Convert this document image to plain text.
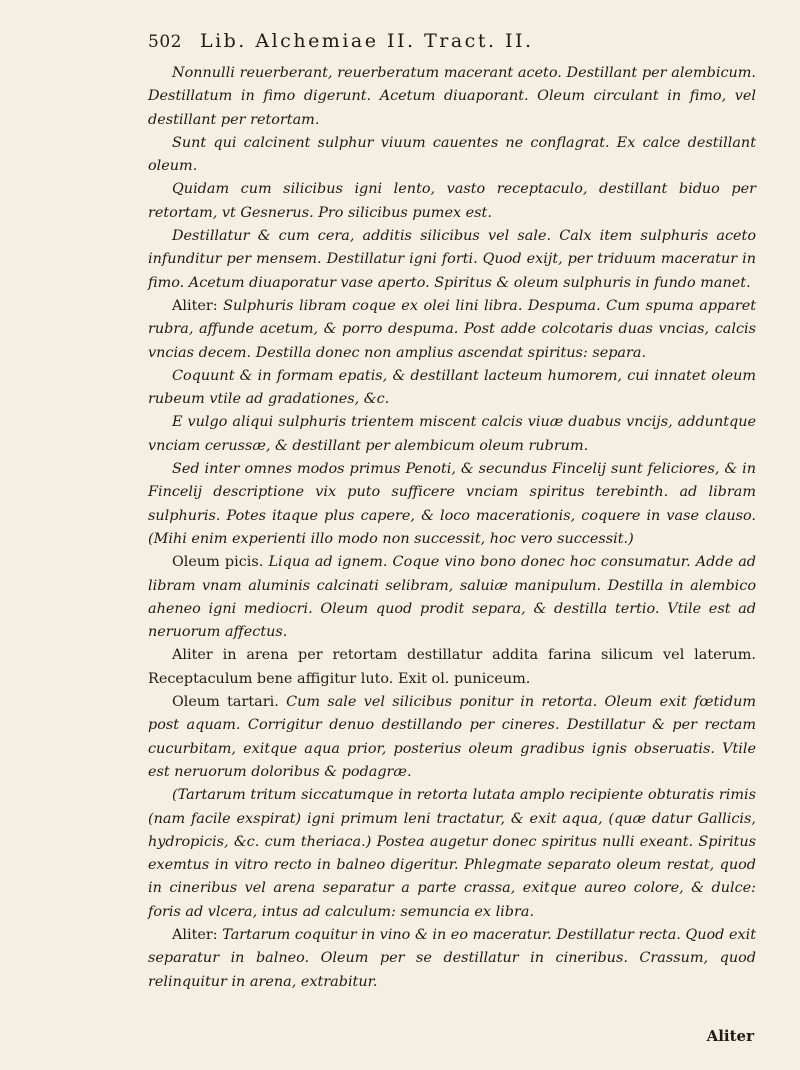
502 Lib. Alchemiae II. Tract. II.

Nonnulli reuerberant, reuerberatum macerant aceto. Destillant per alembicum. Destillatum in fimo digerunt. Acetum diuaporant. Oleum circulant in fimo, vel destillant per retortam.

Sunt qui calcinent sulphur viuum cauentes ne conflagrat. Ex calce destillant oleum.

Quidam cum silicibus igni lento, vasto receptaculo, destillant biduo per retortam, vt Gesnerus. Pro silicibus pumex est.

Destillatur & cum cera, additis silicibus vel sale. Calx item sulphuris aceto infunditur per mensem. Destillatur igni forti. Quod exijt, per triduum maceratur in fimo. Acetum diuaporatur vase aperto. Spiritus & oleum sulphuris in fundo manet.

Aliter: Sulphuris libram coque ex olei lini libra. Despuma. Cum spuma apparet rubra, affunde acetum, & porro despuma. Post adde colcotaris duas vncias, calcis vncias decem. Destilla donec non amplius ascendat spiritus: separa.

Coquunt & in formam epatis, & destillant lacteum humorem, cui innatet oleum rubeum vtile ad gradationes, &c.

E vulgo aliqui sulphuris trientem miscent calcis viuæ duabus vncijs, adduntque vnciam cerussæ, & destillant per alembicum oleum rubrum.

Sed inter omnes modos primus Penoti, & secundus Fincelij sunt feliciores, & in Fincelij descriptione vix puto sufficere vnciam spiritus terebinth. ad libram sulphuris. Potes itaque plus capere, & loco macerationis, coquere in vase clauso. (Mihi enim experienti illo modo non successit, hoc vero successit.)

Oleum picis. Liqua ad ignem. Coque vino bono donec hoc consumatur. Adde ad libram vnam aluminis calcinati selibram, saluiæ manipulum. Destilla in alembico aheneo igni mediocri. Oleum quod prodit separa, & destilla tertio. Vtile est ad neruorum affectus.

Aliter in arena per retortam destillatur addita farina silicum vel laterum. Receptaculum bene affigitur luto. Exit ol. puniceum.

Oleum tartari. Cum sale vel silicibus ponitur in retorta. Oleum exit fœtidum post aquam. Corrigitur denuo destillando per cineres. Destillatur & per rectam cucurbitam, exitque aqua prior, posterius oleum gradibus ignis obseruatis. Vtile est neruorum doloribus & podagræ.

(Tartarum tritum siccatumque in retorta lutata amplo recipiente obturatis rimis (nam facile exspirat) igni primum leni tractatur, & exit aqua, (quæ datur Gallicis, hydropicis, &c. cum theriaca.) Postea augetur donec spiritus nulli exeant. Spiritus exemtus in vitro recto in balneo digeritur. Phlegmate separato oleum restat, quod in cineribus vel arena separatur a parte crassa, exitque aureo colore, & dulce: foris ad vlcera, intus ad calculum: semuncia ex libra.

Aliter: Tartarum coquitur in vino & in eo maceratur. Destillatur recta. Quod exit separatur in balneo. Oleum per se destillatur in cineribus. Crassum, quod relinquitur in arena, extrabitur.

Aliter
